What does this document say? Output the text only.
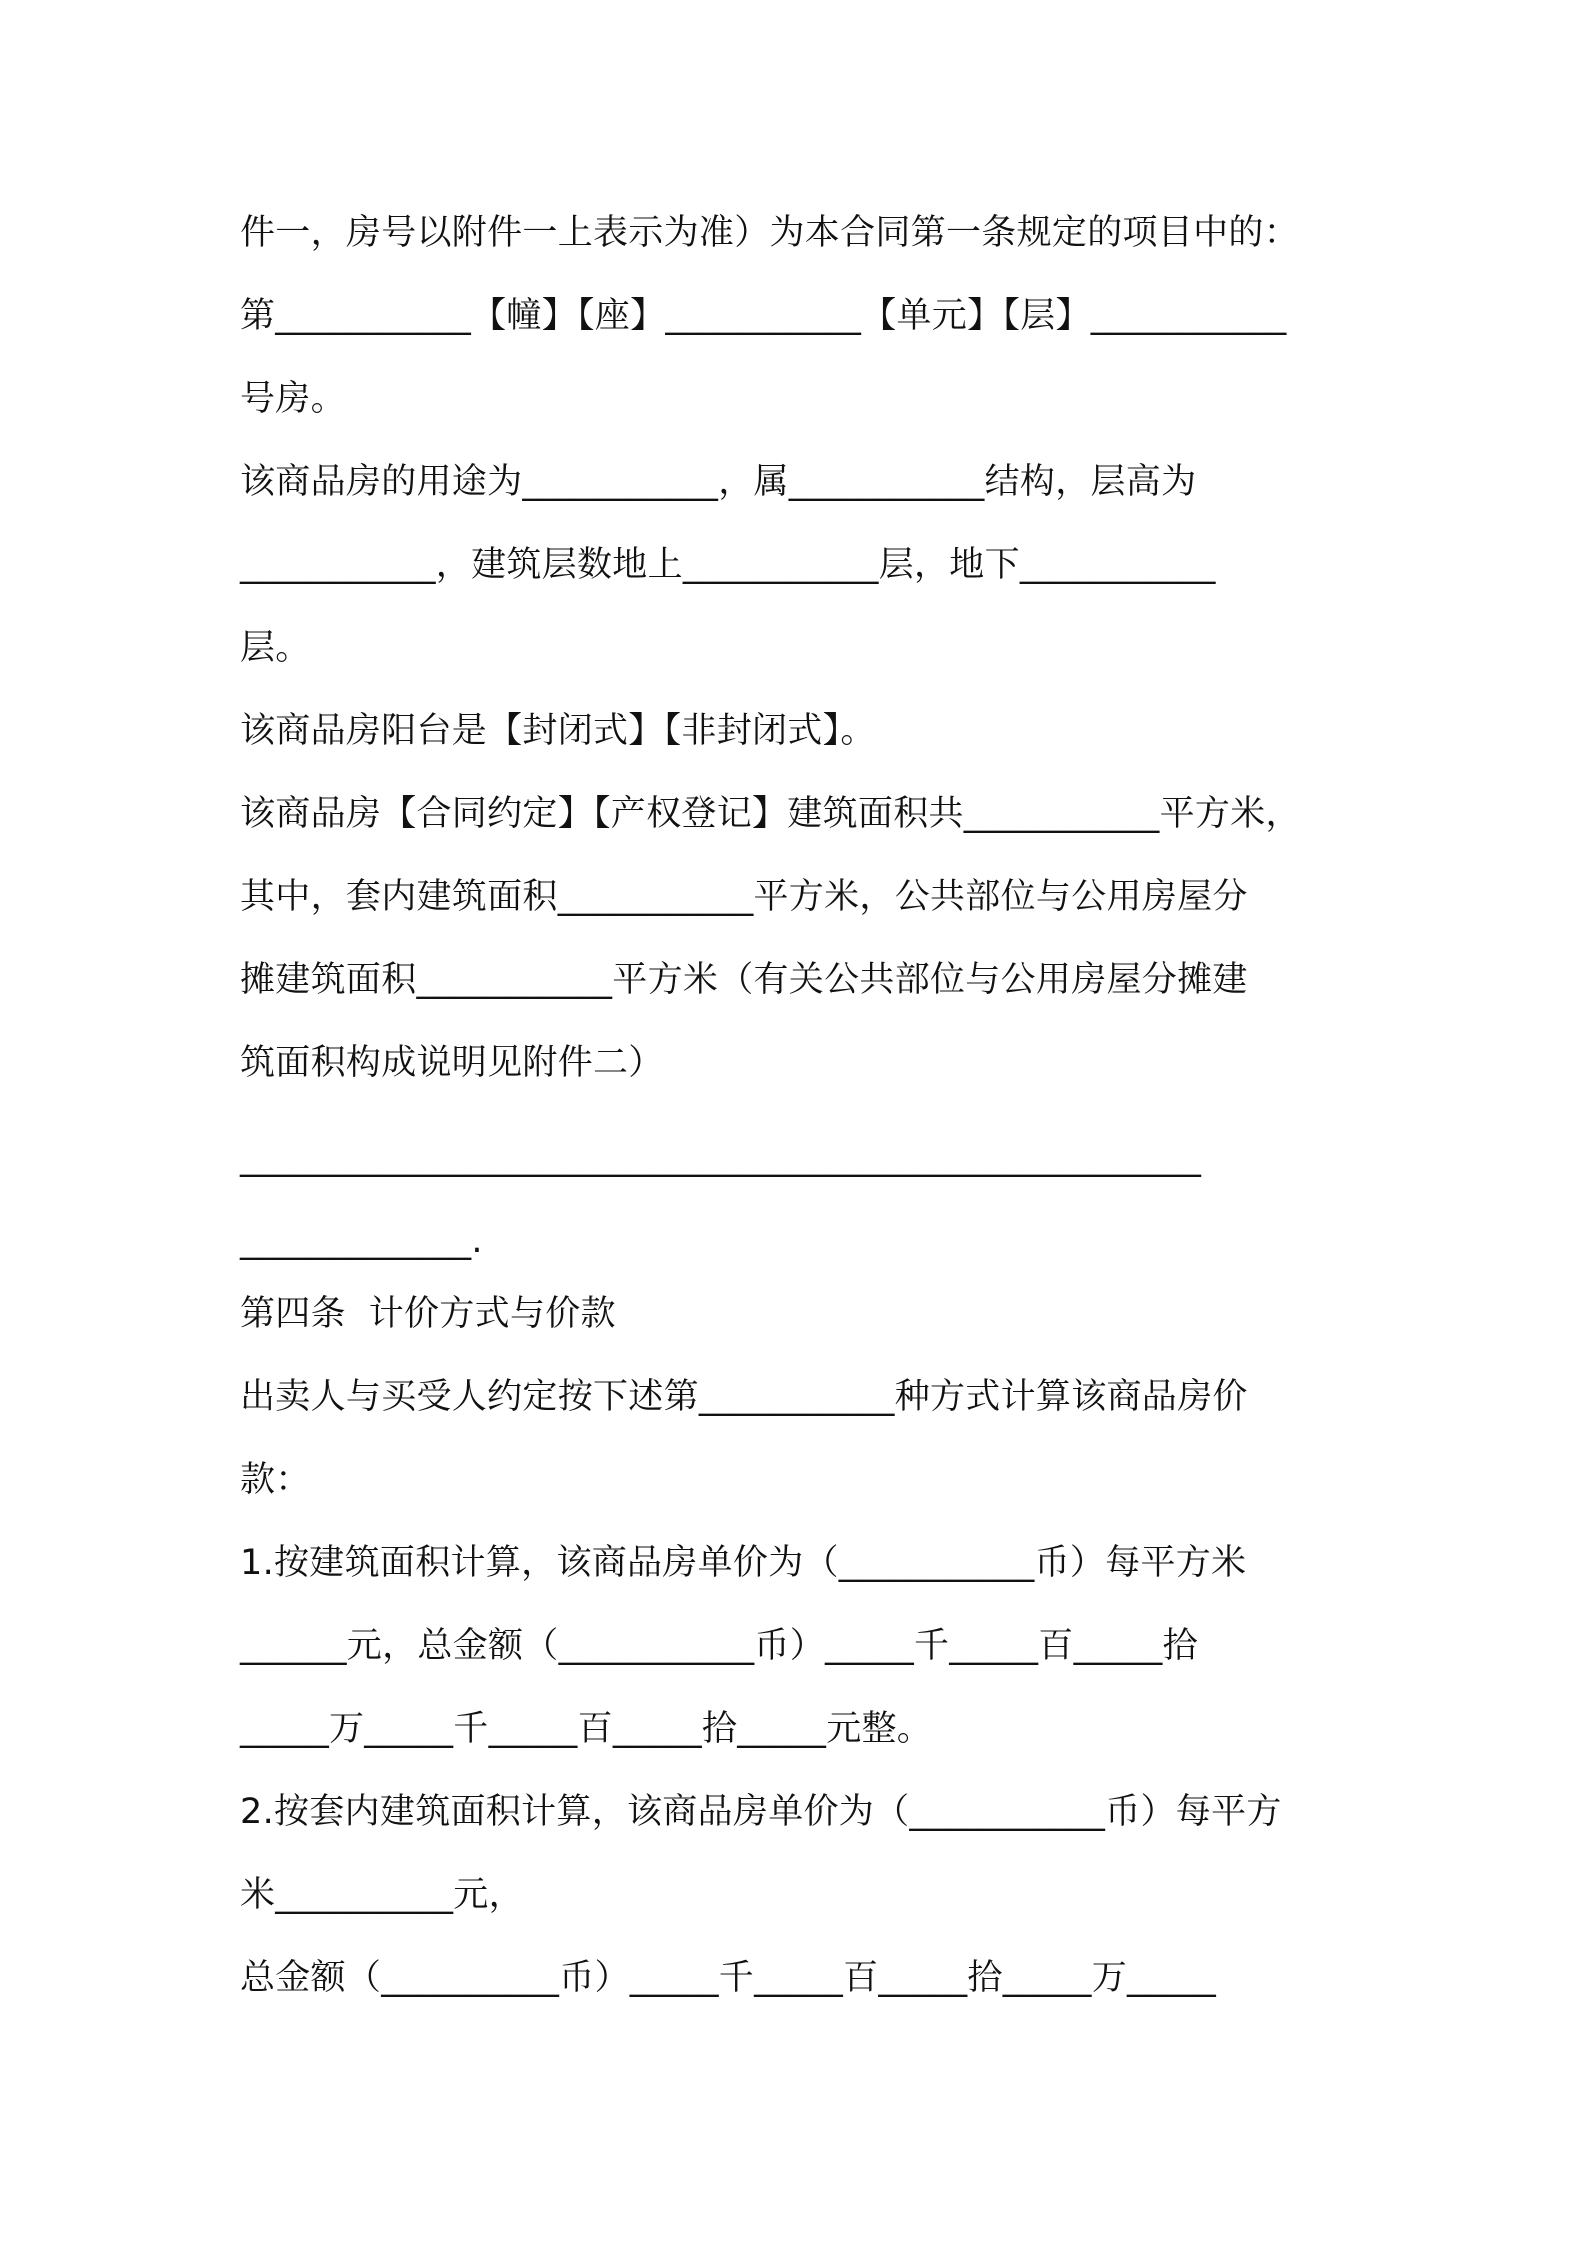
件一，房号以附件一上表示为准）为本合同第一条规定的项目中的：
第___________【幢】【座】___________【单元】【层】___________
号房。
该商品房的用途为___________，属___________结构，层高为
___________，建筑层数地上___________层，地下___________
层。
该商品房阳台是【封闭式】【非封闭式】。
该商品房【合同约定】【产权登记】建筑面积共___________平方米，
其中，套内建筑面积___________平方米，公共部位与公用房屋分
摊建筑面积___________平方米（有关公共部位与公用房屋分摊建
筑面积构成说明见附件二）
______________________________________________________
_____________.
第四条  计价方式与价款
出卖人与买受人约定按下述第___________种方式计算该商品房价
款：
1.按建筑面积计算，该商品房单价为（___________币）每平方米
______元，总金额（___________币）_____千_____百_____拾
_____万_____千_____百_____拾_____元整。
2.按套内建筑面积计算，该商品房单价为（___________币）每平方
米__________元，
总金额（__________币）_____千_____百_____拾_____万_____
